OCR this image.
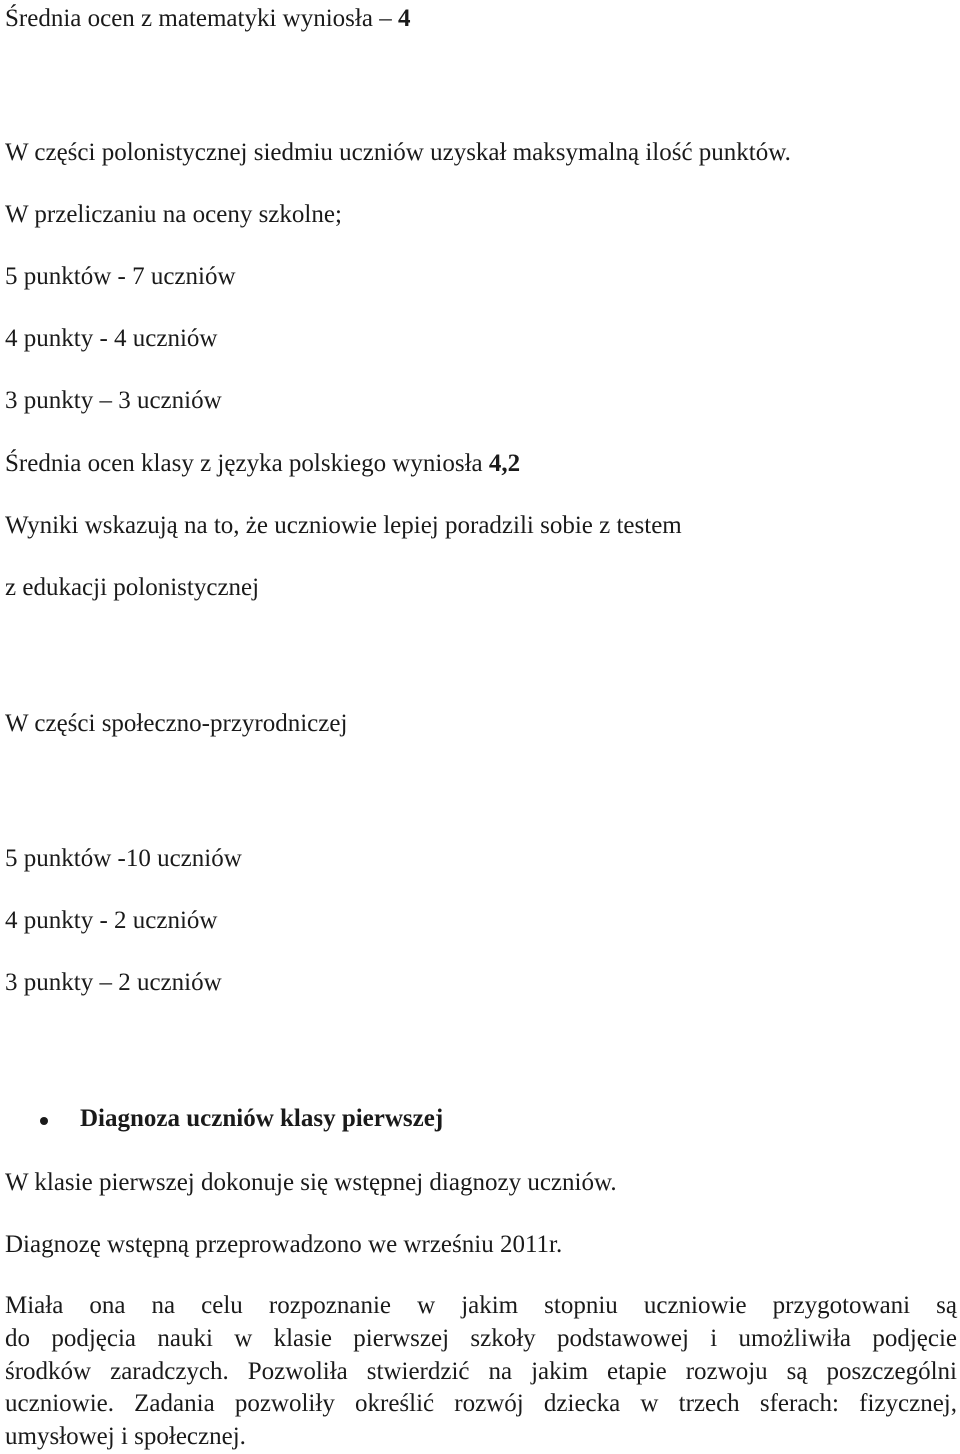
Średnia ocen z matematyki wyniosła – 4
W części polonistycznej siedmiu uczniów uzyskał maksymalną ilość punktów.
W przeliczaniu na oceny szkolne;
5 punktów - 7 uczniów
4 punkty - 4 uczniów
3 punkty – 3 uczniów
Średnia ocen klasy z języka polskiego wyniosła 4,2
Wyniki wskazują na to, że uczniowie lepiej poradzili sobie z testem
z edukacji polonistycznej
W części społeczno-przyrodniczej
5 punktów -10 uczniów
4 punkty - 2 uczniów
3 punkty – 2 uczniów
Diagnoza uczniów klasy pierwszej
W klasie pierwszej dokonuje się wstępnej diagnozy uczniów.
Diagnozę wstępną przeprowadzono we wrześniu 2011r.
Miała ona na celu rozpoznanie w jakim stopniu uczniowie przygotowani są
do podjęcia nauki w klasie pierwszej szkoły podstawowej i umożliwiła podjęcie
środków zaradczych. Pozwoliła stwierdzić na jakim etapie rozwoju są poszczególni
uczniowie. Zadania pozwoliły określić rozwój dziecka w trzech sferach: fizycznej,
umysłowej i społecznej.
